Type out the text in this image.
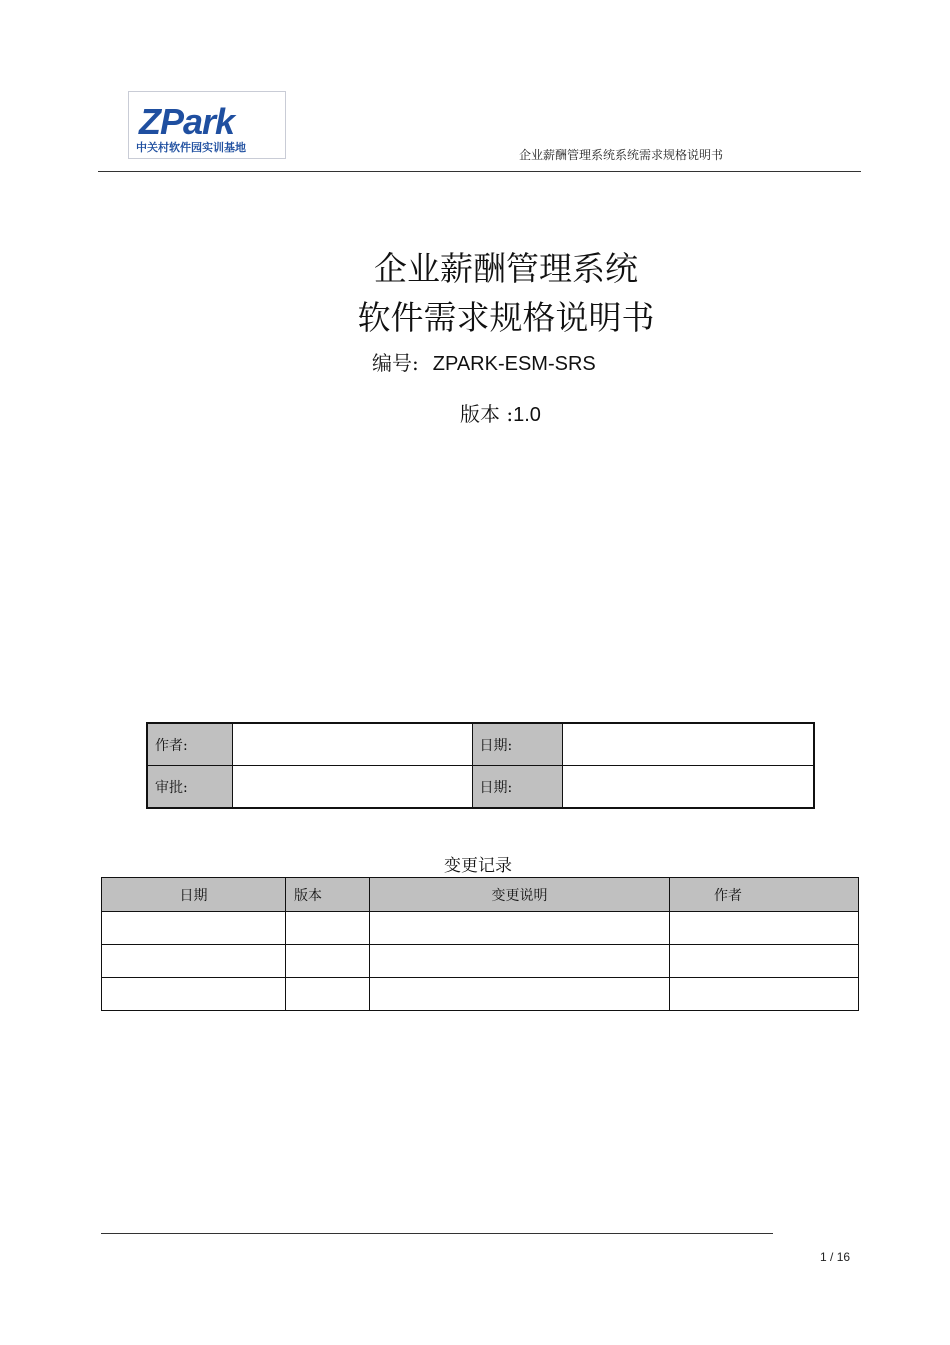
ZPark
中关村软件园实训基地
企业薪酬管理系统系统需求规格说明书
企业薪酬管理系统
软件需求规格说明书
编号: ZPARK-ESM-SRS
版本 :1.0
作者:		日期:	
审批:		日期:	
变更记录
日期	版本	变更说明	作者

1 / 16
